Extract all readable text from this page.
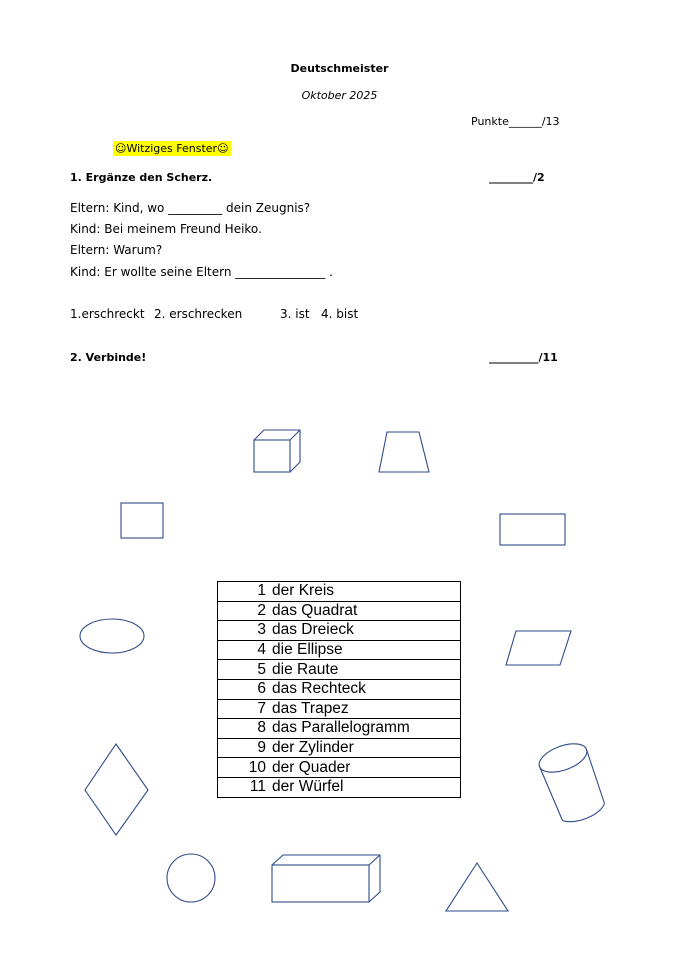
Deutschmeister
Oktober 2025
Punkte______/13
☺Witziges Fenster☺
1. Ergänze den Scherz.	________/2
Eltern: Kind, wo _________ dein Zeugnis?
Kind: Bei meinem Freund Heiko.
Eltern: Warum?
Kind: Er wollte seine Eltern _______________ .
1.erschreckt 2. erschrecken	3. ist 4. bist
2. Verbinde!	_________/11
1 der Kreis
2 das Quadrat
3 das Dreieck
4 die Ellipse
5 die Raute
6 das Rechteck
7 das Trapez
8 das Parallelogramm
9 der Zylinder
10 der Quader
11 der Würfel
